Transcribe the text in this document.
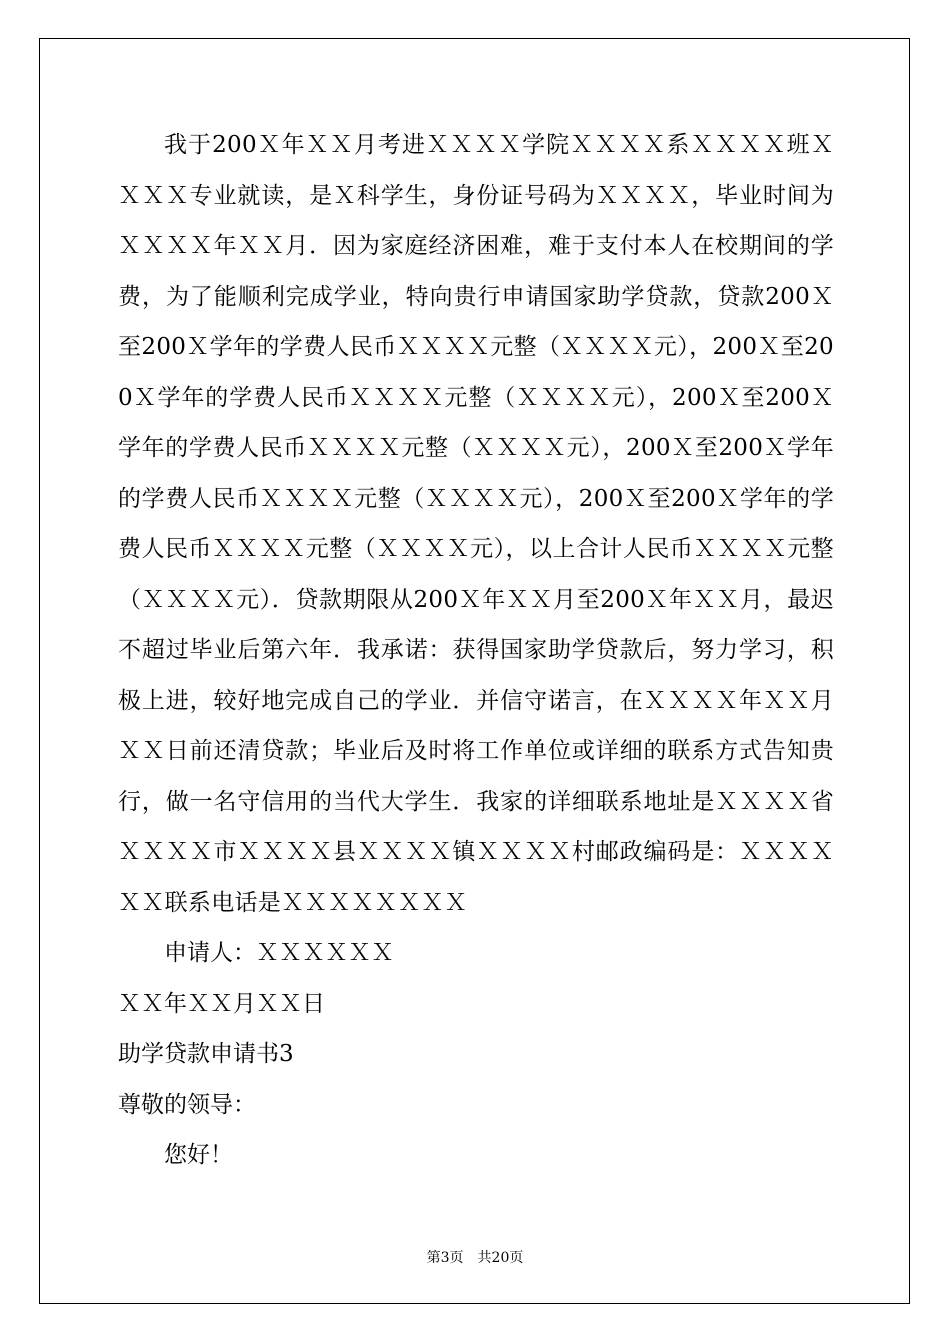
我于200Ｘ年ＸＸ月考进ＸＸＸＸ学院ＸＸＸＸ系ＸＸＸＸ班ＸＸＸＸ专业就读，是Ｘ科学生，身份证号码为ＸＸＸＸ，毕业时间为ＸＸＸＸ年ＸＸ月．因为家庭经济困难，难于支付本人在校期间的学费，为了能顺利完成学业，特向贵行申请国家助学贷款，贷款200Ｘ至200Ｘ学年的学费人民币ＸＸＸＸ元整（ＸＸＸＸ元），200Ｘ至200Ｘ学年的学费人民币ＸＸＸＸ元整（ＸＸＸＸ元），200Ｘ至200Ｘ学年的学费人民币ＸＸＸＸ元整（ＸＸＸＸ元），200Ｘ至200Ｘ学年的学费人民币ＸＸＸＸ元整（ＸＸＸＸ元），200Ｘ至200Ｘ学年的学费人民币ＸＸＸＸ元整（ＸＸＸＸ元），以上合计人民币ＸＸＸＸ元整（ＸＸＸＸ元）．贷款期限从200Ｘ年ＸＸ月至200Ｘ年ＸＸ月，最迟不超过毕业后第六年．我承诺：获得国家助学贷款后，努力学习，积极上进，较好地完成自己的学业．并信守诺言，在ＸＸＸＸ年ＸＸ月ＸＸ日前还清贷款；毕业后及时将工作单位或详细的联系方式告知贵行，做一名守信用的当代大学生．我家的详细联系地址是ＸＸＸＸ省ＸＸＸＸ市ＸＸＸＸ县ＸＸＸＸ镇ＸＸＸＸ村邮政编码是：ＸＸＸＸＸＸ联系电话是ＸＸＸＸＸＸＸＸ

申请人：ＸＸＸＸＸＸ

ＸＸ年ＸＸ月ＸＸ日

助学贷款申请书3

尊敬的领导：

您好！

第3页 共20页
